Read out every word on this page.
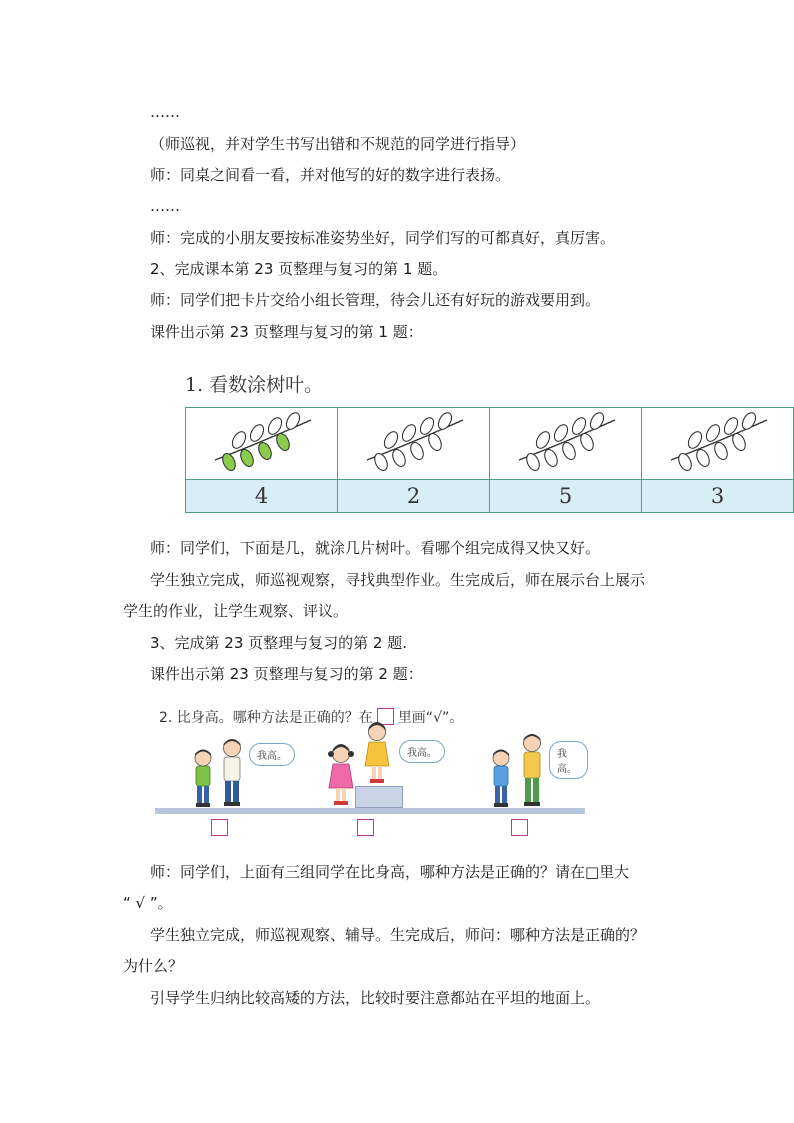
……
（师巡视，并对学生书写出错和不规范的同学进行指导）
师：同桌之间看一看，并对他写的好的数字进行表扬。
……
师：完成的小朋友要按标准姿势坐好，同学们写的可都真好，真厉害。
2、完成课本第 23 页整理与复习的第 1 题。
师：同学们把卡片交给小组长管理，待会儿还有好玩的游戏要用到。
课件出示第 23 页整理与复习的第 1 题：
1. 看数涂树叶。

4	2	5	3
师：同学们，下面是几，就涂几片树叶。看哪个组完成得又快又好。
学生独立完成，师巡视观察，寻找典型作业。生完成后，师在展示台上展示
学生的作业，让学生观察、评议。
3、完成第 23 页整理与复习的第 2 题.
课件出示第 23 页整理与复习的第 2 题：
2. 比身高。哪种方法是正确的？在 里画“√”。
我高。	我高。	我高。
师：同学们，上面有三组同学在比身高，哪种方法是正确的？请在□里大
“ √ ”。
学生独立完成，师巡视观察、辅导。生完成后，师问：哪种方法是正确的？
为什么？
引导学生归纳比较高矮的方法，比较时要注意都站在平坦的地面上。
